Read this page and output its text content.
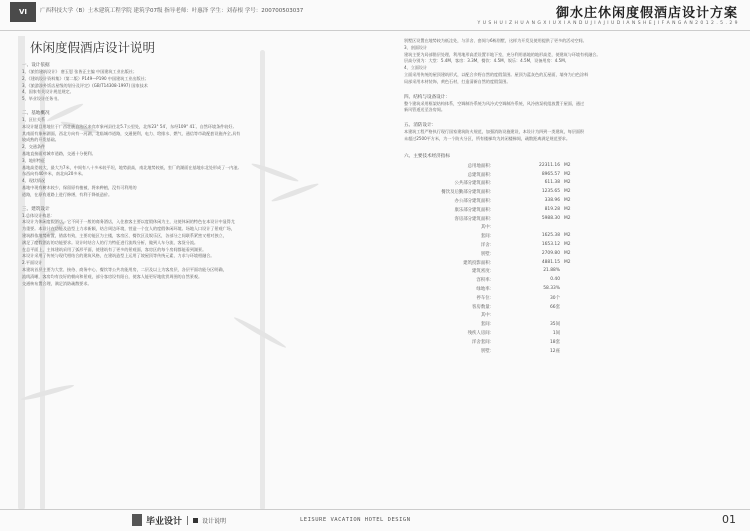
VI	广西科技大学（B）土木建筑工程学院 建筑学07级 指导老师：叶惠泽 学生：刘春根 学号：200700503037	御水庄休闲度假酒店设计方案
Y U S H U I Z H U A N G X I U X I A N D U J I A J I U D I A N S H E J I F A N G A N 2 0 1 2 . 5 . 2 9
休闲度假酒店设计说明
一、设计依据
1、《旅馆建筑设计》 唐玉恩 张皆正主编 中国建筑工业出版社；
2、《建筑设计资料集》（第二版）P149—P190 中国建筑工业出版社；
3、《旅游涉外饭店星级的划分及评定》(GB/T14308-1997) 国家技术
4、国家有关设计规范规定。
5、毕业设计任务书。
二、基地概况
1、区位关系
本设计题目用地位于广西壮族自治区来宾市象州县往北5.7公里处，北纬23° 54′，东经109° 41′。自然环境条件较好,
其南面有象州湖面，西北方向有一河湖，北临城市道路，交通便利，电力、给排水、燃气、通信等市政配套设施齐全,具有
较成熟的开发基础。
2、交通条件
基地直接面对城市道路，交通十分便利。
3、地形特征
基地高差较大，最大为7米，中间有八十多米较平坦，地势最高，南北地势较低，室厂的湖面在基地东北处形成了一内池,
东西向有40多米，南北向20多米。
4、现状情况
基地中现有树木较少，保留原有植被，将来种植，没有可利用的
道路，在原有道路上进行修缮，有利于降低造价。
三、建筑设计
1.总体设计构思：
本设计为休闲度假酒店，它不同于一般的商务酒店，入住旅客主要以度假休闲为主，这使休闲的特色在本设计中显得尤
为重要。本设计在功能及造型上力求新颖，结合周边环境，营造一个宜人的度假休闲环境。场地入口设计了景观广场，
建筑群依地势布置，错落有致，主要功能区为主楼，客房区、餐饮区及娱乐区，各部分之间联系紧密又相对独立，
满足了度假酒店的功能要求。设计时结合人的行为特征进行流线分析，做到人车分流、客货分流。
在总平面上，主体建筑采用了弧形平面，使建筑有了更多的景观面，客房区的每个房间都能看到湖景。
本设计采用了传统与现代相结合的建筑风格，在建筑造型上运用了坡屋顶等传统元素，力求与环境相融合。
2.平面设计
本建筑首层主要为大堂、接待、商务中心、餐饮等公共功能用房，二层及以上为客房层，各层平面功能分区明确，
流线清晰，客房均有良好的朝向和景观，部分客房设有阳台，使客人能更好地欣赏周围的自然景观。
交通核布置合理，满足消防疏散要求。
别墅区设置在地势较为低洼处，与洋舍、套间与6栋别墅，这样为开发及使用提供了更多的活动空间。
3、剖面设计
建筑主要为局部错层处理，利用地形高差设置半地下室，充分利用基地的地形高差，使建筑与环境有机融合。
层高分别为：大堂：5.4M，客房：3.3M，餐饮：4.5M，娱乐：4.5M，设备用房：4.5M。
4、立面设计
立面采用传统的屋顶建筑形式，以配合乡野自然的度假氛围。屋顶为蓝灰色的瓦屋面，墙身为白色涂料
局部采用木材装饰，黄色石材，打造清新自然的度假氛围。
四、结构与设备设计：
整个建筑采用框架结构体系，空调制冷系统为风冷式空调制冷系统，风冷热泵机组放置于屋面，通过
新风管道送至各房间。
五、消防设计：
本建筑工程严格执行现行国家建筑防火规范，加强消防设施建设，本设计为四到一类建筑，每层面积
未超过2500平方米，为一个防火分区，所有楼梯均为封闭楼梯间，疏散距离满足规范要求。
六、主要技术经济指标
总用地面积：	22311.16 M2
总建筑面积：	8965.57 M2
公共部分建筑面积：	611.38 M2
餐饮及后勤部分建筑面积：	1235.65 M2
办公部分建筑面积：	338.96 M2
康乐部分建筑面积：	819.28 M2
客房部分建筑面积：	5988.30 M2
其中：
套间：	1625.38 M2
洋舍：	1653.12 M2
别墅：	2709.80 M2
建筑投影面积：	4881.15 M2
建筑密度：	21.88%
容积率：	0.40
绿地率：	58.33%
停车位：	30个
客房数量：	66套
其中：
套间：	35间
残疾人房间：	1间
洋舍套间：	18套
别墅：	12座
毕业设计	设计说明	LEISURE VACATION HOTEL DESIGN	01
